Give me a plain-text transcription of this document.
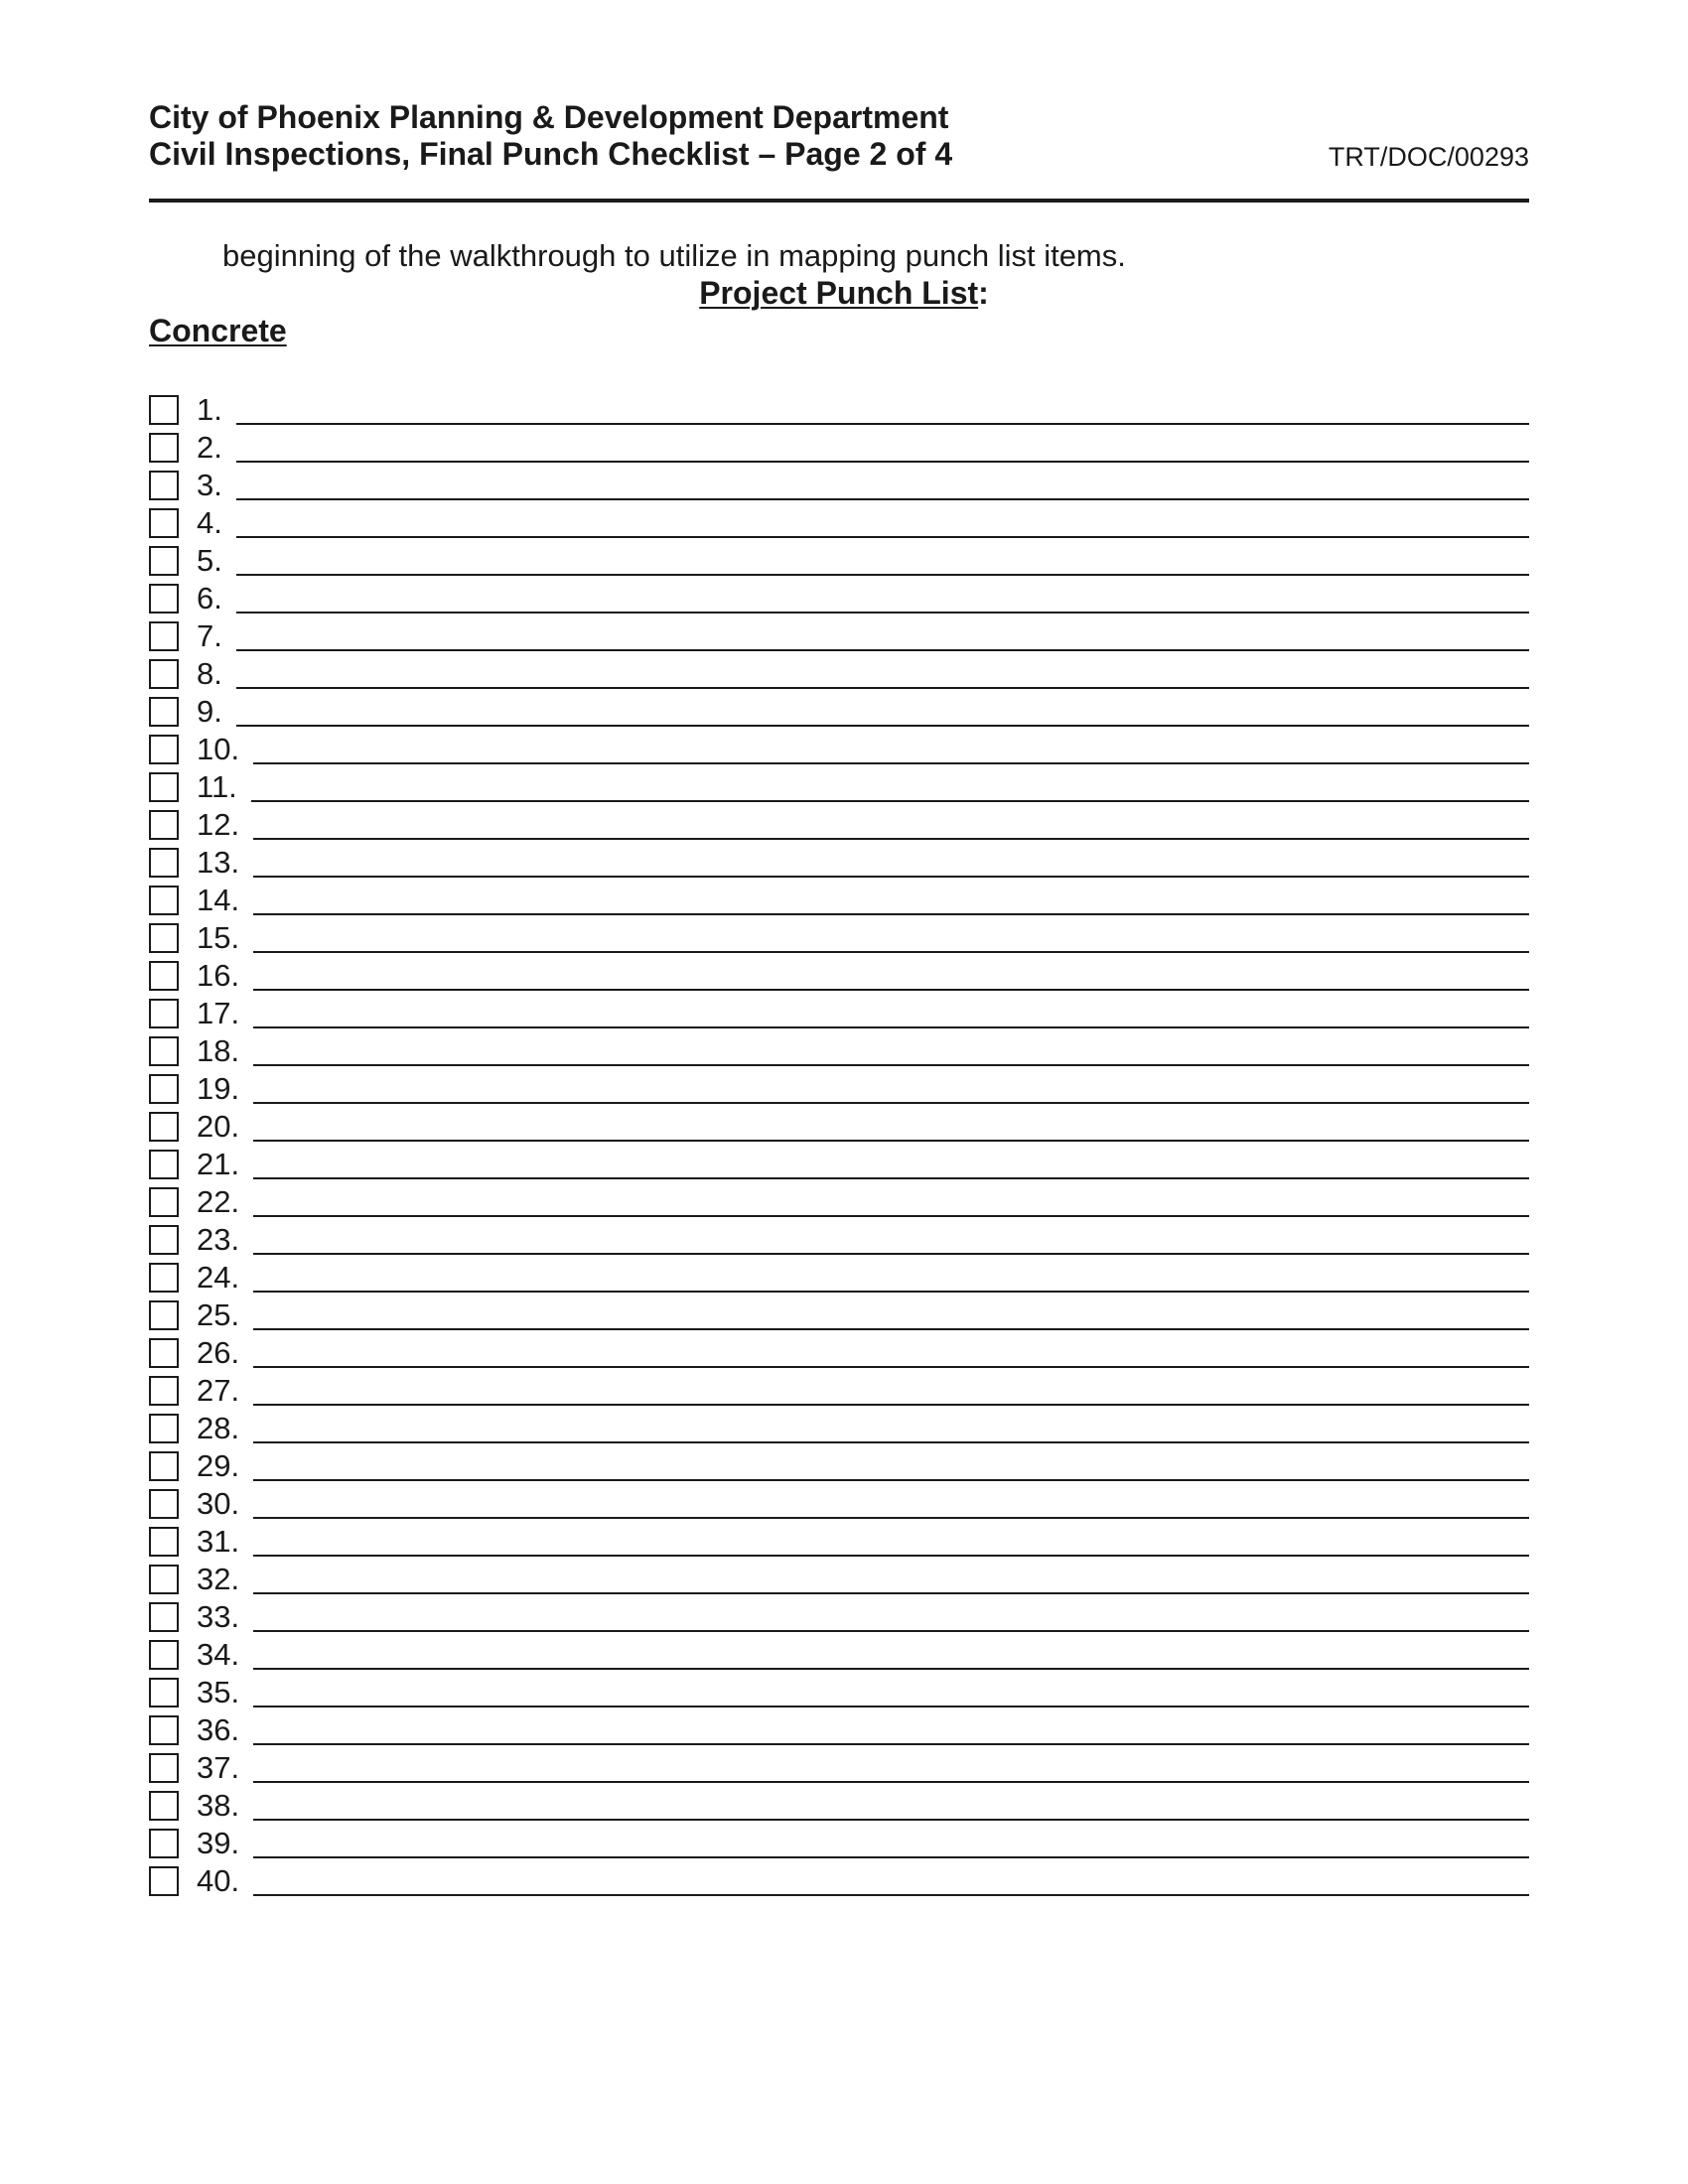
City of Phoenix Planning & Development Department

Civil Inspections, Final Punch Checklist – Page 2 of 4	TRT/DOC/00293
beginning of the walkthrough to utilize in mapping punch list items.
Project Punch List:
Concrete
1.
2.
3.
4.
5.
6.
7.
8.
9.
10.
11.
12.
13.
14.
15.
16.
17.
18.
19.
20.
21.
22.
23.
24.
25.
26.
27.
28.
29.
30.
31.
32.
33.
34.
35.
36.
37.
38.
39.
40.
